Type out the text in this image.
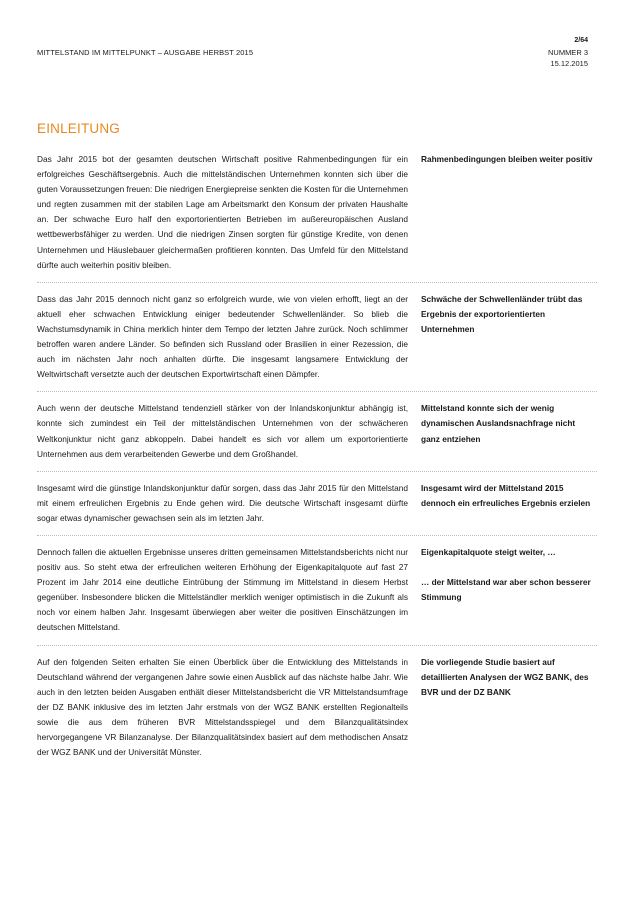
2/64
MITTELSTAND IM MITTELPUNKT – AUSGABE HERBST 2015	NUMMER 3
15.12.2015
EINLEITUNG
Das Jahr 2015 bot der gesamten deutschen Wirtschaft positive Rahmenbedingungen für ein erfolgreiches Geschäftsergebnis. Auch die mittelständischen Unternehmen konnten sich über die guten Voraussetzungen freuen: Die niedrigen Energiepreise senkten die Kosten für die Unternehmen und regten zusammen mit der stabilen Lage am Arbeitsmarkt den Konsum der privaten Haushalte an. Der schwache Euro half den exportorientierten Betrieben im außereuropäischen Ausland wettbewerbsfähiger zu werden. Und die niedrigen Zinsen sorgten für günstige Kredite, von denen Unternehmen und Häuslebauer gleichermaßen profitieren konnten. Das Umfeld für den Mittelstand dürfte auch weiterhin positiv bleiben.
Rahmenbedingungen bleiben weiter positiv
Dass das Jahr 2015 dennoch nicht ganz so erfolgreich wurde, wie von vielen erhofft, liegt an der aktuell eher schwachen Entwicklung einiger bedeutender Schwellenländer. So blieb die Wachstumsdynamik in China merklich hinter dem Tempo der letzten Jahre zurück. Noch schlimmer betroffen waren andere Länder. So befinden sich Russland oder Brasilien in einer Rezession, die auch im nächsten Jahr noch anhalten dürfte. Die insgesamt langsamere Entwicklung der Weltwirtschaft versetzte auch der deutschen Exportwirtschaft einen Dämpfer.
Schwäche der Schwellenländer trübt das Ergebnis der exportorientierten Unternehmen
Auch wenn der deutsche Mittelstand tendenziell stärker von der Inlandskonjunktur abhängig ist, konnte sich zumindest ein Teil der mittelständischen Unternehmen von der schwächeren Weltkonjunktur nicht ganz abkoppeln. Dabei handelt es sich vor allem um exportorientierte Unternehmen aus dem verarbeitenden Gewerbe und dem Großhandel.
Mittelstand konnte sich der wenig dynamischen Auslandsnachfrage nicht ganz entziehen
Insgesamt wird die günstige Inlandskonjunktur dafür sorgen, dass das Jahr 2015 für den Mittelstand mit einem erfreulichen Ergebnis zu Ende gehen wird. Die deutsche Wirtschaft insgesamt dürfte sogar etwas dynamischer gewachsen sein als im letzten Jahr.
Insgesamt wird der Mittelstand 2015 dennoch ein erfreuliches Ergebnis erzielen
Dennoch fallen die aktuellen Ergebnisse unseres dritten gemeinsamen Mittelstandsberichts nicht nur positiv aus. So steht etwa der erfreulichen weiteren Erhöhung der Eigenkapitalquote auf fast 27 Prozent im Jahr 2014 eine deutliche Eintrübung der Stimmung im Mittelstand in diesem Herbst gegenüber. Insbesondere blicken die Mittelständler merklich weniger optimistisch in die Zukunft als noch vor einem halben Jahr. Insgesamt überwiegen aber weiter die positiven Einschätzungen im deutschen Mittelstand.
Eigenkapitalquote steigt weiter, …
… der Mittelstand war aber schon besserer Stimmung
Auf den folgenden Seiten erhalten Sie einen Überblick über die Entwicklung des Mittelstands in Deutschland während der vergangenen Jahre sowie einen Ausblick auf das nächste halbe Jahr. Wie auch in den letzten beiden Ausgaben enthält dieser Mittelstandsbericht die VR Mittelstandsumfrage der DZ BANK inklusive des im letzten Jahr erstmals von der WGZ BANK erstellten Regionalteils sowie die aus dem früheren BVR Mittelstandsspiegel und dem Bilanzqualitätsindex hervorgegangene VR Bilanzanalyse. Der Bilanzqualitätsindex basiert auf dem methodischen Ansatz der WGZ BANK und der Universität Münster.
Die vorliegende Studie basiert auf detaillierten Analysen der WGZ BANK, des BVR und der DZ BANK
